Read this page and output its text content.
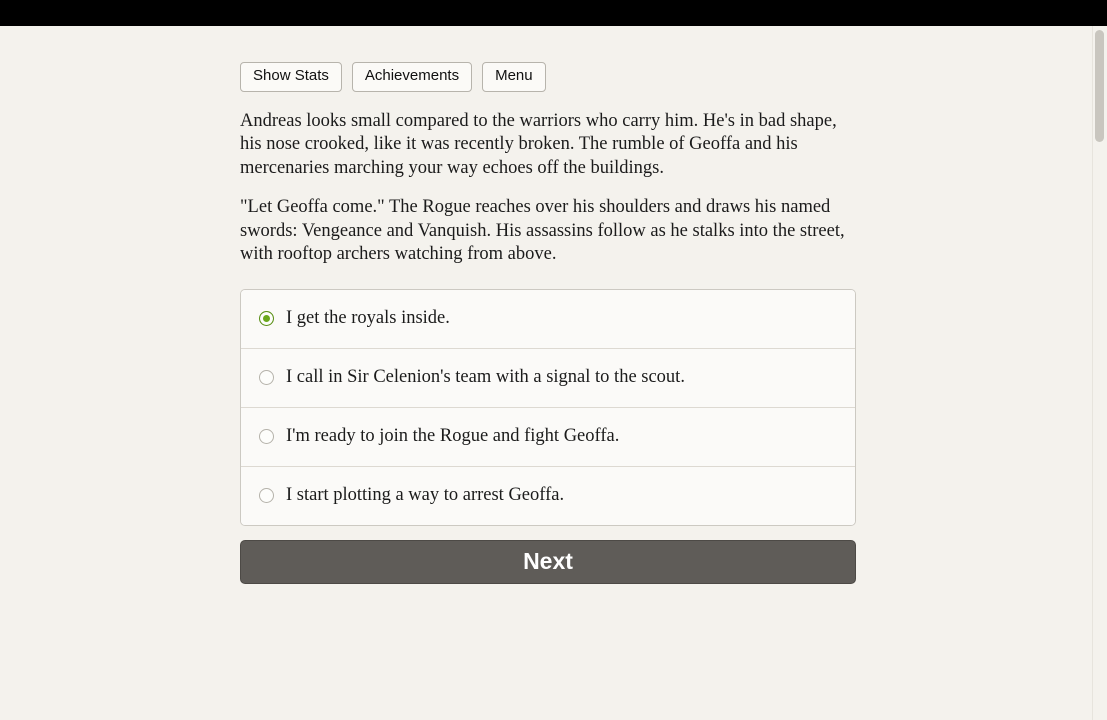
Show Stats	Achievements	Menu

Andreas looks small compared to the warriors who carry him. He's in bad shape, his nose crooked, like it was recently broken. The rumble of Geoffa and his mercenaries marching your way echoes off the buildings.

"Let Geoffa come." The Rogue reaches over his shoulders and draws his named swords: Vengeance and Vanquish. His assassins follow as he stalks into the street, with rooftop archers watching from above.

I get the royals inside.
I call in Sir Celenion's team with a signal to the scout.
I'm ready to join the Rogue and fight Geoffa.
I start plotting a way to arrest Geoffa.
Next
